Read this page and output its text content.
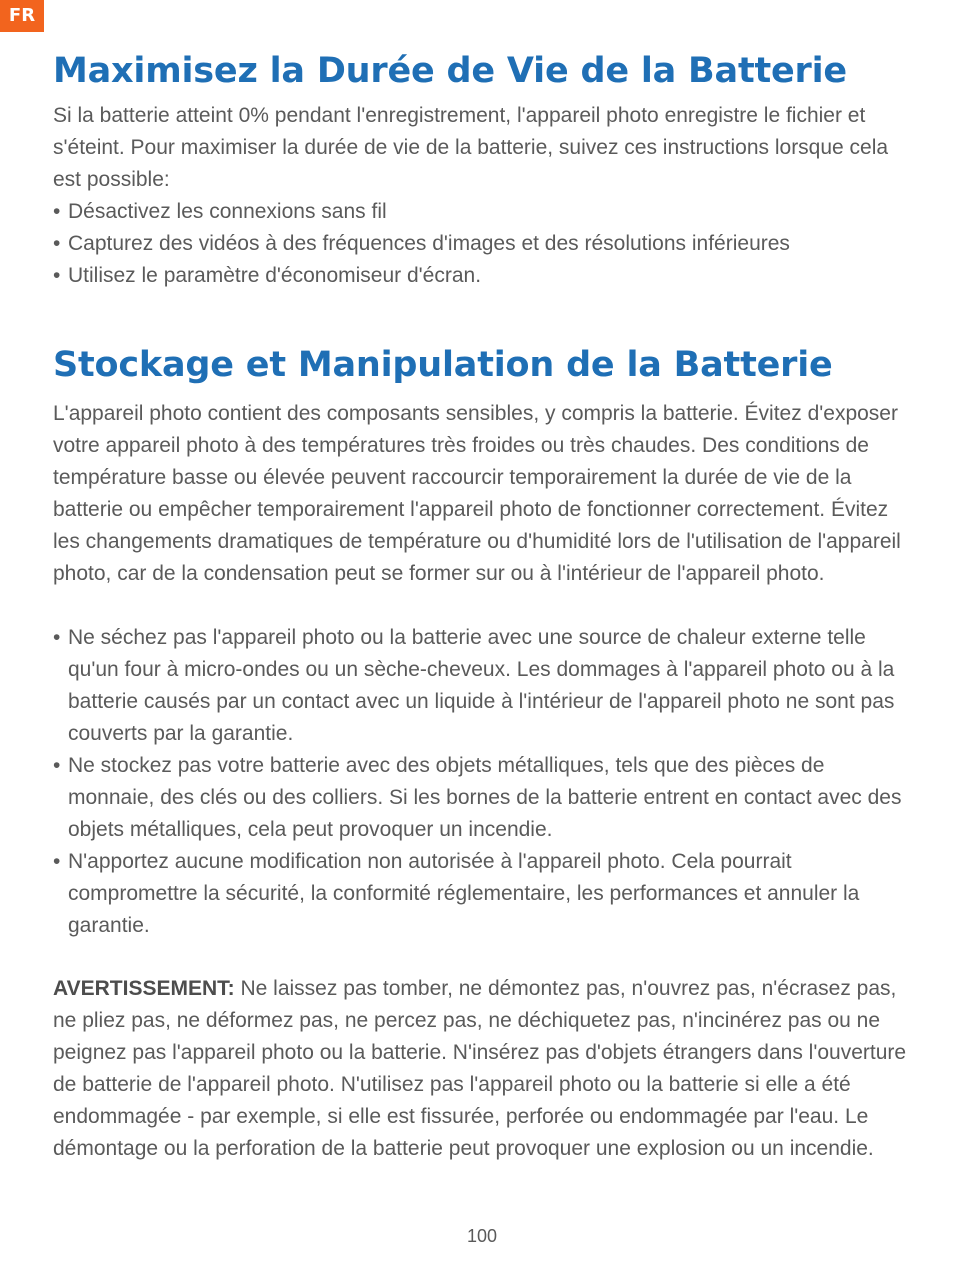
FR
Maximisez la Durée de Vie de la Batterie

Si la batterie atteint 0% pendant l'enregistrement, l'appareil photo enregistre le fichier et s'éteint. Pour maximiser la durée de vie de la batterie, suivez ces instructions lorsque cela est possible:

• Désactivez les connexions sans fil
• Capturez des vidéos à des fréquences d'images et des résolutions inférieures
• Utilisez le paramètre d'économiseur d'écran.
Stockage et Manipulation de la Batterie

L'appareil photo contient des composants sensibles, y compris la batterie. Évitez d'exposer votre appareil photo à des températures très froides ou très chaudes. Des conditions de température basse ou élevée peuvent raccourcir temporairement la durée de vie de la batterie ou empêcher temporairement l'appareil photo de fonctionner correctement. Évitez les changements dramatiques de température ou d'humidité lors de l'utilisation de l'appareil photo, car de la condensation peut se former sur ou à l'intérieur de l'appareil photo.

• Ne séchez pas l'appareil photo ou la batterie avec une source de chaleur externe telle qu'un four à micro-ondes ou un sèche-cheveux. Les dommages à l'appareil photo ou à la batterie causés par un contact avec un liquide à l'intérieur de l'appareil photo ne sont pas couverts par la garantie.
• Ne stockez pas votre batterie avec des objets métalliques, tels que des pièces de monnaie, des clés ou des colliers. Si les bornes de la batterie entrent en contact avec des objets métalliques, cela peut provoquer un incendie.
• N'apportez aucune modification non autorisée à l'appareil photo. Cela pourrait compromettre la sécurité, la conformité réglementaire, les performances et annuler la garantie.

AVERTISSEMENT: Ne laissez pas tomber, ne démontez pas, n'ouvrez pas, n'écrasez pas, ne pliez pas, ne déformez pas, ne percez pas, ne déchiquetez pas, n'incinérez pas ou ne peignez pas l'appareil photo ou la batterie. N'insérez pas d'objets étrangers dans l'ouverture de batterie de l'appareil photo. N'utilisez pas l'appareil photo ou la batterie si elle a été endommagée - par exemple, si elle est fissurée, perforée ou endommagée par l'eau. Le démontage ou la perforation de la batterie peut provoquer une explosion ou un incendie.

100
